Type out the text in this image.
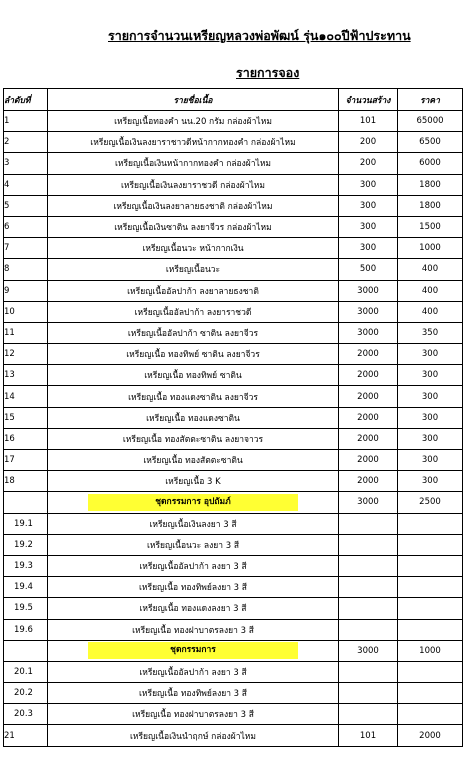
รายการจำนวนเหรียญหลวงพ่อพัฒน์ รุ่น๑๐๐ปีฟ้าประทาน
รายการจอง
ลำดับที่	รายชื่อเนื้อ	จำนวนสร้าง	ราคา
1	เหรียญเนื้อทองคำ นน.20 กรัม กล่องผ้าไหม	101	65000
2	เหรียญเนื้อเงินลงยาราชาวดีหน้ากากทองคำ กล่องผ้าไหม	200	6500
3	เหรียญเนื้อเงินหน้ากากทองคำ กล่องผ้าไหม	200	6000
4	เหรียญเนื้อเงินลงยาราชวดี กล่องผ้าไหม	300	1800
5	เหรียญเนื้อเงินลงยาลายธงชาติ กล่องผ้าไหม	300	1800
6	เหรียญเนื้อเงินซาติน ลงยาจีวร กล่องผ้าไหม	300	1500
7	เหรียญเนื้อนวะ หน้ากากเงิน	300	1000
8	เหรียญเนื้อนวะ	500	400
9	เหรียญเนื้ออัลปาก้า ลงยาลายธงชาติ	3000	400
10	เหรียญเนื้ออัลปาก้า ลงยาราชวดี	3000	400
11	เหรียญเนื้ออัลปาก้า ซาติน ลงยาจีวร	3000	350
12	เหรียญเนื้อ ทองทิพย์ ซาติน ลงยาจีวร	2000	300
13	เหรียญเนื้อ ทองทิพย์ ซาติน	2000	300
14	เหรียญเนื้อ ทองแดงซาติน ลงยาจีวร	2000	300
15	เหรียญเนื้อ ทองแดงซาติน	2000	300
16	เหรียญเนื้อ ทองสัตตะซาติน ลงยาจาวร	2000	300
17	เหรียญเนื้อ ทองสัตตะซาติน	2000	300
18	เหรียญเนื้อ 3 K	2000	300
	ชุดกรรมการ อุปถัมภ์	3000	2500
19.1	เหรียญเนื้อเงินลงยา 3 สี		
19.2	เหรียญเนื้อนวะ ลงยา 3 สี		
19.3	เหรียญเนื้ออัลปาก้า ลงยา 3 สี		
19.4	เหรียญเนื้อ ทองทิพย์ลงยา 3 สี		
19.5	เหรียญเนื้อ ทองแดงลงยา 3 สี		
19.6	เหรียญเนื้อ ทองฝาบาตรลงยา 3 สี		
	ชุดกรรมการ	3000	1000
20.1	เหรียญเนื้ออัลปาก้า ลงยา 3 สี		
20.2	เหรียญเนื้อ ทองทิพย์ลงยา 3 สี		
20.3	เหรียญเนื้อ ทองฝาบาตรลงยา 3 สี		
21	เหรียญเนื้อเงินนำฤกษ์ กล่องผ้าไหม	101	2000
